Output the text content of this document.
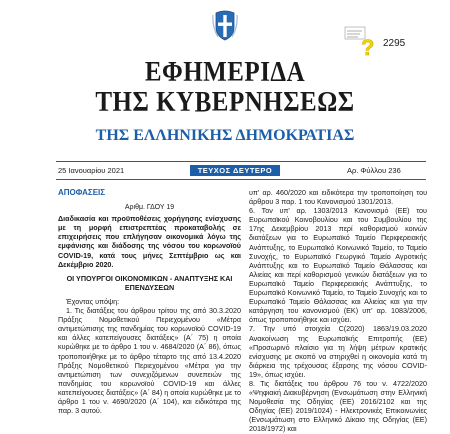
? 2295
ΕΦΗΜΕΡΙΔΑ
ΤΗΣ ΚΥΒΕΡΝΗΣΕΩΣ
ΤΗΣ ΕΛΛΗΝΙΚΗΣ ΔΗΜΟΚΡΑΤΙΑΣ
25 Ιανουαρίου 2021	ΤΕΥΧΟΣ ΔΕΥΤΕΡΟ	Αρ. Φύλλου 236

ΑΠΟΦΑΣΕΙΣ

Αριθμ. ΓΔΟΥ 19

Διαδικασία και προϋποθέσεις χορήγησης ενίσχυσης με τη μορφή επιστρεπτέας προκαταβολής σε επιχειρήσεις που επλήγησαν οικονομικά λόγω της εμφάνισης και διάδοσης της νόσου του κορωνοϊού COVID-19, κατά τους μήνες Σεπτέμβριο ως και Δεκέμβριο 2020.

ΟΙ ΥΠΟΥΡΓΟΙ ΟΙΚΟΝΟΜΙΚΩΝ - ΑΝΑΠΤΥΞΗΣ ΚΑΙ ΕΠΕΝΔΥΣΕΩΝ

Έχοντας υπόψη:

1. Τις διατάξεις του άρθρου τρίτου της από 30.3.2020 Πράξης Νομοθετικού Περιεχομένου «Μέτρα αντιμετώπισης της πανδημίας του κορωνοϊού COVID-19 και άλλες κατεπείγουσες διατάξεις» (Α΄ 75) η οποία κυρώθηκε με το άρθρο 1 του ν. 4684/2020 (Α΄ 86), όπως τροποποιήθηκε με το άρθρο τέταρτο της από 13.4.2020 Πράξης Νομοθετικού Περιεχομένου «Μέτρα για την αντιμετώπιση των συνεχιζόμενων συνεπειών της πανδημίας του κορωνοϊού COVID-19 και άλλες κατεπείγουσες διατάξεις» (Α΄ 84) η οποία κυρώθηκε με το άρθρο 1 του ν. 4690/2020 (Α΄ 104), και ειδικότερα της παρ. 3 αυτού.

υπ' αρ. 460/2020 και ειδικότερα την τροποποίηση του άρθρου 3 παρ. 1 του Κανονισμού 1301/2013.
6. Τον υπ' αρ. 1303/2013 Κανονισμό (ΕΕ) του Ευρωπαϊκού Κοινοβουλίου και του Συμβουλίου της 17ης Δεκεμβρίου 2013 περί καθορισμού κοινών διατάξεων για το Ευρωπαϊκό Ταμείο Περιφερειακής Ανάπτυξης, το Ευρωπαϊκό Κοινωνικό Ταμείο, το Ταμείο Συνοχής, το Ευρωπαϊκό Γεωργικό Ταμείο Αγροτικής Ανάπτυξης και το Ευρωπαϊκό Ταμείο Θάλασσας και Αλιείας και περί καθορισμού γενικών διατάξεων για το Ευρωπαϊκό Ταμείο Περιφερειακής Ανάπτυξης, το Ευρωπαϊκό Κοινωνικό Ταμείο, το Ταμείο Συνοχής και το Ευρωπαϊκό Ταμείο Θάλασσας και Αλιείας και για την κατάργηση του κανονισμού (ΕΚ) υπ' αρ. 1083/2006, όπως τροποποιήθηκε και ισχύει.
7. Την υπό στοιχεία C(2020) 1863/19.03.2020 Ανακοίνωση της Ευρωπαϊκής Επιτροπής (ΕΕ) «Προσωρινό πλαίσιο για τη λήψη μέτρων κρατικής ενίσχυσης με σκοπό να στηριχθεί η οικονομία κατά τη διάρκεια της τρέχουσας έξαρσης της νόσου COVID-19», όπως ισχύει.
8. Τις διατάξεις του άρθρου 76 του ν. 4722/2020 «Ψηφιακή Διακυβέρνηση (Ενσωμάτωση στην Ελληνική Νομοθεσία της Οδηγίας (ΕΕ) 2016/2102 και της Οδηγίας (ΕΕ) 2019/1024) - Ηλεκτρονικές Επικοινωνίες (Ενσωμάτωση στο Ελληνικό Δίκαιο της Οδηγίας (ΕΕ) 2018/1972) και
